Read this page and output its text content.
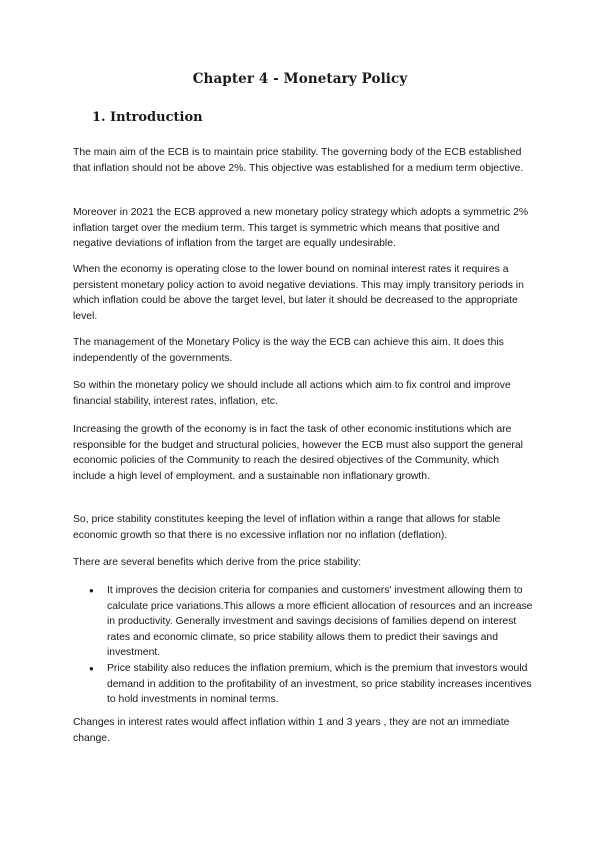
Chapter 4 - Monetary Policy
1. Introduction

The main aim of the ECB is to maintain price stability. The governing body of the ECB established that inflation should not be above 2%. This objective was established for a medium term objective.

Moreover in 2021 the ECB approved a new monetary policy strategy which adopts a symmetric 2% inflation target over the medium term. This target is symmetric which means that positive and negative deviations of inflation from the target are equally undesirable.

When the economy is operating close to the lower bound on nominal interest rates it requires a persistent monetary policy action to avoid negative deviations. This may imply transitory periods in which inflation could be above the target level, but later it should be decreased to the appropriate level.

The management of the Monetary Policy is the way the ECB can achieve this aim. It does this independently of the governments.

So within the monetary policy we should include all actions which aim to fix control and improve financial stability, interest rates, inflation, etc.

Increasing the growth of the economy is in fact the task of other economic institutions which are responsible for the budget and structural policies, however the ECB must also support the general economic policies of the Community to reach the desired objectives of the Community, which include a high level of employment. and a sustainable non inflationary growth.

So, price stability constitutes keeping the level of inflation within a range that allows for stable economic growth so that there is no excessive inflation nor no inflation (deflation).

There are several benefits which derive from the price stability:

● It improves the decision criteria for companies and customers' investment allowing them to calculate price variations.This allows a more efficient allocation of resources and an increase in productivity. Generally investment and savings decisions of families depend on interest rates and economic climate, so price stability allows them to predict their savings and investment.
● Price stability also reduces the inflation premium, which is the premium that investors would demand in addition to the profitability of an investment, so price stability increases incentives to hold investments in nominal terms.

Changes in interest rates would affect inflation within 1 and 3 years , they are not an immediate change.
